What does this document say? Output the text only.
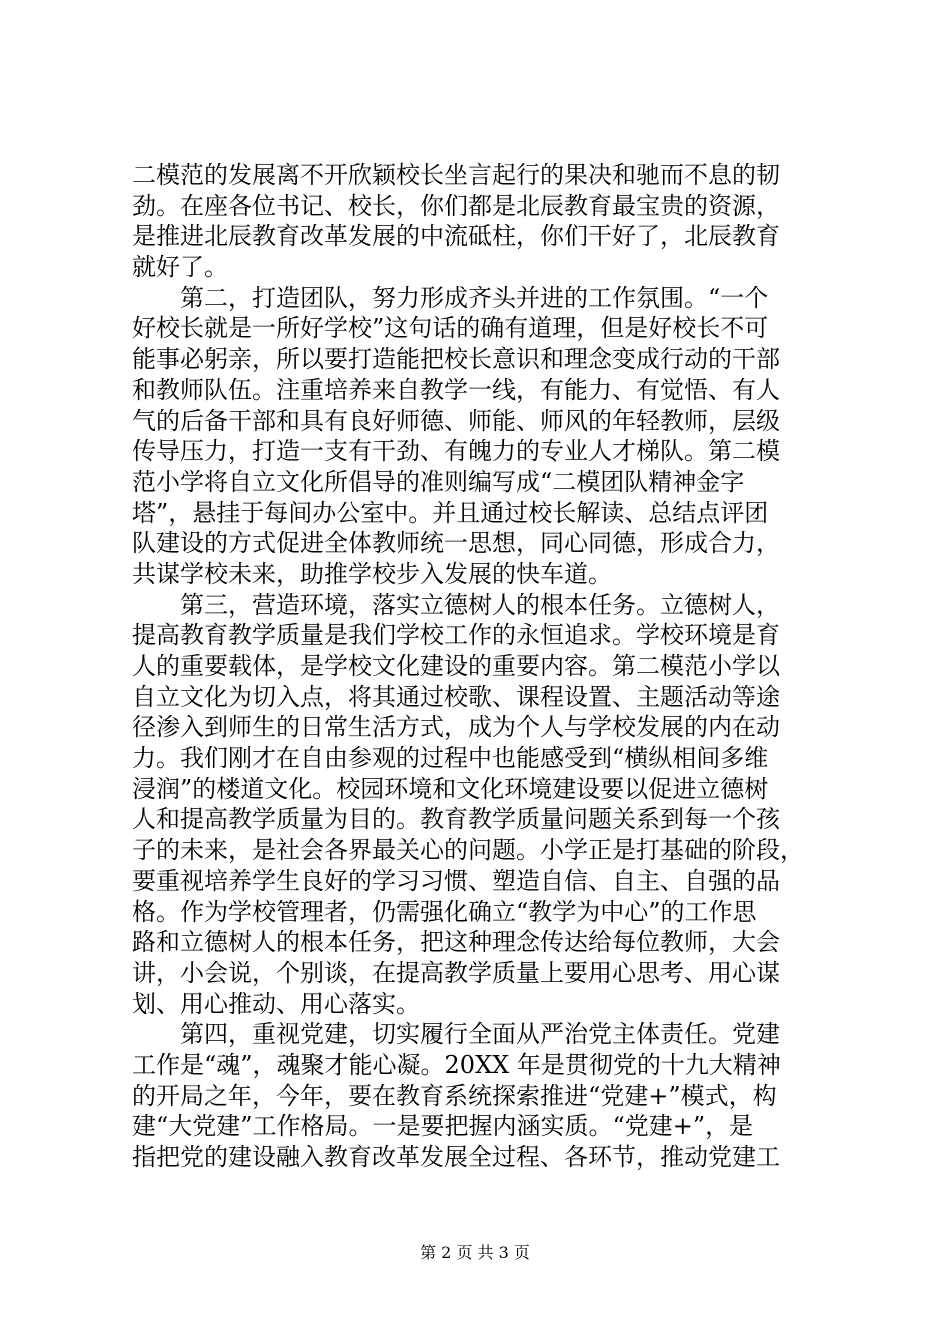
二模范的发展离不开欣颖校长坐言起行的果决和驰而不息的韧
劲。在座各位书记、校长，你们都是北辰教育最宝贵的资源，
是推进北辰教育改革发展的中流砥柱，你们干好了，北辰教育
就好了。
第二，打造团队，努力形成齐头并进的工作氛围。“一个
好校长就是一所好学校”这句话的确有道理，但是好校长不可
能事必躬亲，所以要打造能把校长意识和理念变成行动的干部
和教师队伍。注重培养来自教学一线，有能力、有觉悟、有人
气的后备干部和具有良好师德、师能、师风的年轻教师，层级
传导压力，打造一支有干劲、有魄力的专业人才梯队。第二模
范小学将自立文化所倡导的准则编写成“二模团队精神金字
塔”，悬挂于每间办公室中。并且通过校长解读、总结点评团
队建设的方式促进全体教师统一思想，同心同德，形成合力，
共谋学校未来，助推学校步入发展的快车道。
第三，营造环境，落实立德树人的根本任务。立德树人，
提高教育教学质量是我们学校工作的永恒追求。学校环境是育
人的重要载体，是学校文化建设的重要内容。第二模范小学以
自立文化为切入点，将其通过校歌、课程设置、主题活动等途
径渗入到师生的日常生活方式，成为个人与学校发展的内在动
力。我们刚才在自由参观的过程中也能感受到“横纵相间多维
浸润”的楼道文化。校园环境和文化环境建设要以促进立德树
人和提高教学质量为目的。教育教学质量问题关系到每一个孩
子的未来，是社会各界最关心的问题。小学正是打基础的阶段，
要重视培养学生良好的学习习惯、塑造自信、自主、自强的品
格。作为学校管理者，仍需强化确立“教学为中心”的工作思
路和立德树人的根本任务，把这种理念传达给每位教师，大会
讲，小会说，个别谈，在提高教学质量上要用心思考、用心谋
划、用心推动、用心落实。
第四，重视党建，切实履行全面从严治党主体责任。党建
工作是“魂”，魂聚才能心凝。20XX 年是贯彻党的十九大精神
的开局之年，今年，要在教育系统探索推进“党建+”模式，构
建“大党建”工作格局。一是要把握内涵实质。“党建+”，是
指把党的建设融入教育改革发展全过程、各环节，推动党建工
第 2 页 共 3 页
